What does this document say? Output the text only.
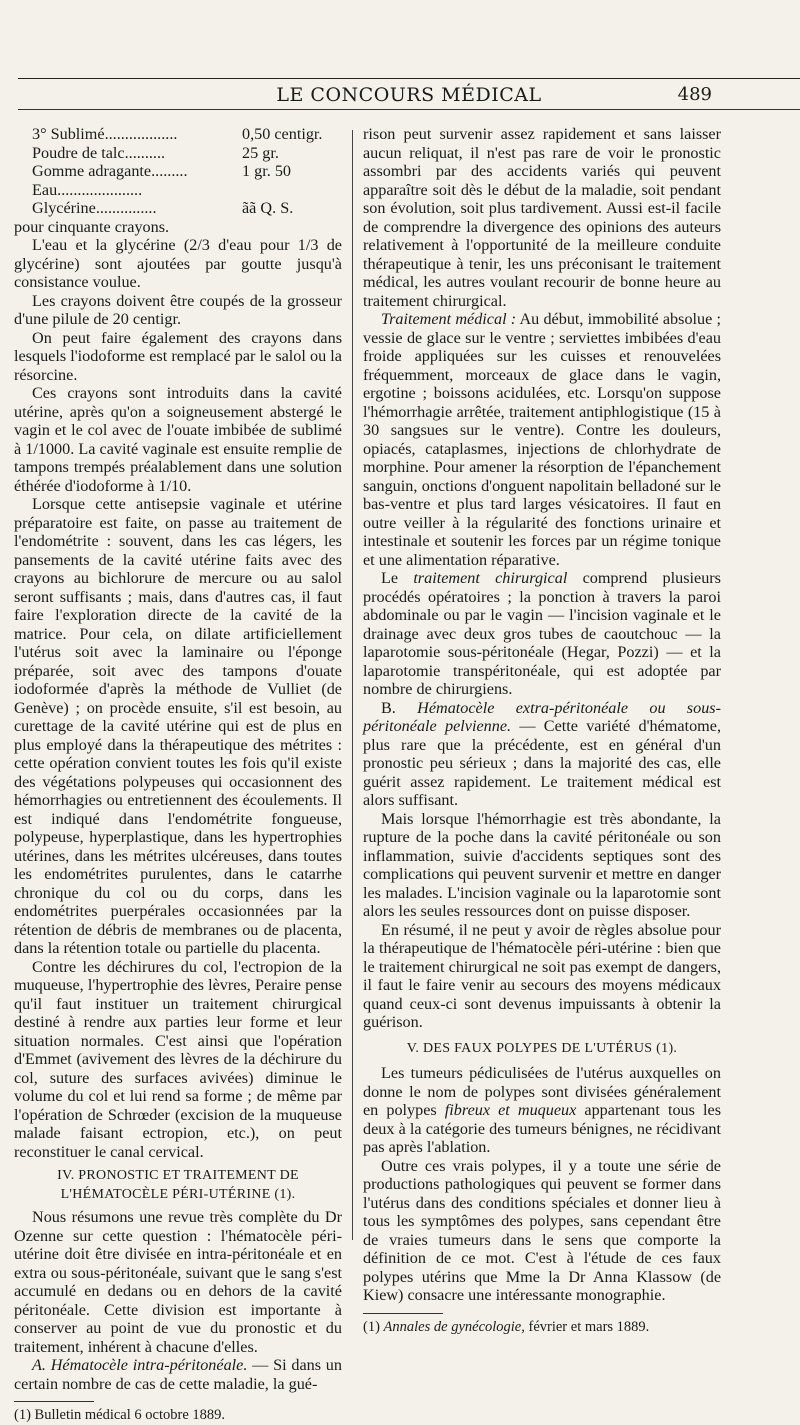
LE CONCOURS MÉDICAL	489
3° Sublimé..................	0,50 centigr.
Poudre de talc..........	25 gr.
Gomme adragante.........	1 gr. 50
Eau.....................
Glycérine...............	ãã Q. S.

pour cinquante crayons.

L'eau et la glycérine (2/3 d'eau pour 1/3 de glycérine) sont ajoutées par goutte jusqu'à consistance voulue.

Les crayons doivent être coupés de la grosseur d'une pilule de 20 centigr.

On peut faire également des crayons dans lesquels l'iodoforme est remplacé par le salol ou la résorcine.

Ces crayons sont introduits dans la cavité utérine, après qu'on a soigneusement abstergé le vagin et le col avec de l'ouate imbibée de sublimé à 1/1000. La cavité vaginale est ensuite remplie de tampons trempés préalablement dans une solution éthérée d'iodoforme à 1/10.

Lorsque cette antisepsie vaginale et utérine préparatoire est faite, on passe au traitement de l'endométrite : souvent, dans les cas légers, les pansements de la cavité utérine faits avec des crayons au bichlorure de mercure ou au salol seront suffisants ; mais, dans d'autres cas, il faut faire l'exploration directe de la cavité de la matrice. Pour cela, on dilate artificiellement l'utérus soit avec la laminaire ou l'éponge préparée, soit avec des tampons d'ouate iodoformée d'après la méthode de Vulliet (de Genève) ; on procède ensuite, s'il est besoin, au curettage de la cavité utérine qui est de plus en plus employé dans la thérapeutique des métrites : cette opération convient toutes les fois qu'il existe des végétations polypeuses qui occasionnent des hémorrhagies ou entretiennent des écoulements. Il est indiqué dans l'endométrite fongueuse, polypeuse, hyperplastique, dans les hypertrophies utérines, dans les métrites ulcéreuses, dans toutes les endométrites purulentes, dans le catarrhe chronique du col ou du corps, dans les endométrites puerpérales occasionnées par la rétention de débris de membranes ou de placenta, dans la rétention totale ou partielle du placenta.

Contre les déchirures du col, l'ectropion de la muqueuse, l'hypertrophie des lèvres, Peraire pense qu'il faut instituer un traitement chirurgical destiné à rendre aux parties leur forme et leur situation normales. C'est ainsi que l'opération d'Emmet (avivement des lèvres de la déchirure du col, suture des surfaces avivées) diminue le volume du col et lui rend sa forme ; de même par l'opération de Schrœder (excision de la muqueuse malade faisant ectropion, etc.), on peut reconstituer le canal cervical.

IV. PRONOSTIC ET TRAITEMENT DE L'HÉMATOCÈLE PÉRI-UTÉRINE (1).

Nous résumons une revue très complète du Dr Ozenne sur cette question : l'hématocèle péri-utérine doit être divisée en intra-péritonéale et en extra ou sous-péritonéale, suivant que le sang s'est accumulé en dedans ou en dehors de la cavité péritonéale. Cette division est importante à conserver au point de vue du pronostic et du traitement, inhérent à chacune d'elles.

A. Hématocèle intra-péritonéale. — Si dans un certain nombre de cas de cette maladie, la gué-

(1) Bulletin médical 6 octobre 1889.

rison peut survenir assez rapidement et sans laisser aucun reliquat, il n'est pas rare de voir le pronostic assombri par des accidents variés qui peuvent apparaître soit dès le début de la maladie, soit pendant son évolution, soit plus tardivement. Aussi est-il facile de comprendre la divergence des opinions des auteurs relativement à l'opportunité de la meilleure conduite thérapeutique à tenir, les uns préconisant le traitement médical, les autres voulant recourir de bonne heure au traitement chirurgical.

Traitement médical : Au début, immobilité absolue ; vessie de glace sur le ventre ; serviettes imbibées d'eau froide appliquées sur les cuisses et renouvelées fréquemment, morceaux de glace dans le vagin, ergotine ; boissons acidulées, etc. Lorsqu'on suppose l'hémorrhagie arrêtée, traitement antiphlogistique (15 à 30 sangsues sur le ventre). Contre les douleurs, opiacés, cataplasmes, injections de chlorhydrate de morphine. Pour amener la résorption de l'épanchement sanguin, onctions d'onguent napolitain belladoné sur le bas-ventre et plus tard larges vésicatoires. Il faut en outre veiller à la régularité des fonctions urinaire et intestinale et soutenir les forces par un régime tonique et une alimentation réparative.

Le traitement chirurgical comprend plusieurs procédés opératoires ; la ponction à travers la paroi abdominale ou par le vagin — l'incision vaginale et le drainage avec deux gros tubes de caoutchouc — la laparotomie sous-péritonéale (Hegar, Pozzi) — et la laparotomie transpéritonéale, qui est adoptée par nombre de chirurgiens.

B. Hématocèle extra-péritonéale ou sous-péritonéale pelvienne. — Cette variété d'hématome, plus rare que la précédente, est en général d'un pronostic peu sérieux ; dans la majorité des cas, elle guérit assez rapidement. Le traitement médical est alors suffisant.

Mais lorsque l'hémorrhagie est très abondante, la rupture de la poche dans la cavité péritonéale ou son inflammation, suivie d'accidents septiques sont des complications qui peuvent survenir et mettre en danger les malades. L'incision vaginale ou la laparotomie sont alors les seules ressources dont on puisse disposer.

En résumé, il ne peut y avoir de règles absolue pour la thérapeutique de l'hématocèle péri-utérine : bien que le traitement chirurgical ne soit pas exempt de dangers, il faut le faire venir au secours des moyens médicaux quand ceux-ci sont devenus impuissants à obtenir la guérison.

V. DES FAUX POLYPES DE L'UTÉRUS (1).

Les tumeurs pédiculisées de l'utérus auxquelles on donne le nom de polypes sont divisées généralement en polypes fibreux et muqueux appartenant tous les deux à la catégorie des tumeurs bénignes, ne récidivant pas après l'ablation.

Outre ces vrais polypes, il y a toute une série de productions pathologiques qui peuvent se former dans l'utérus dans des conditions spéciales et donner lieu à tous les symptômes des polypes, sans cependant être de vraies tumeurs dans le sens que comporte la définition de ce mot. C'est à l'étude de ces faux polypes utérins que Mme la Dr Anna Klassow (de Kiew) consacre une intéressante monographie.

(1) Annales de gynécologie, février et mars 1889.
